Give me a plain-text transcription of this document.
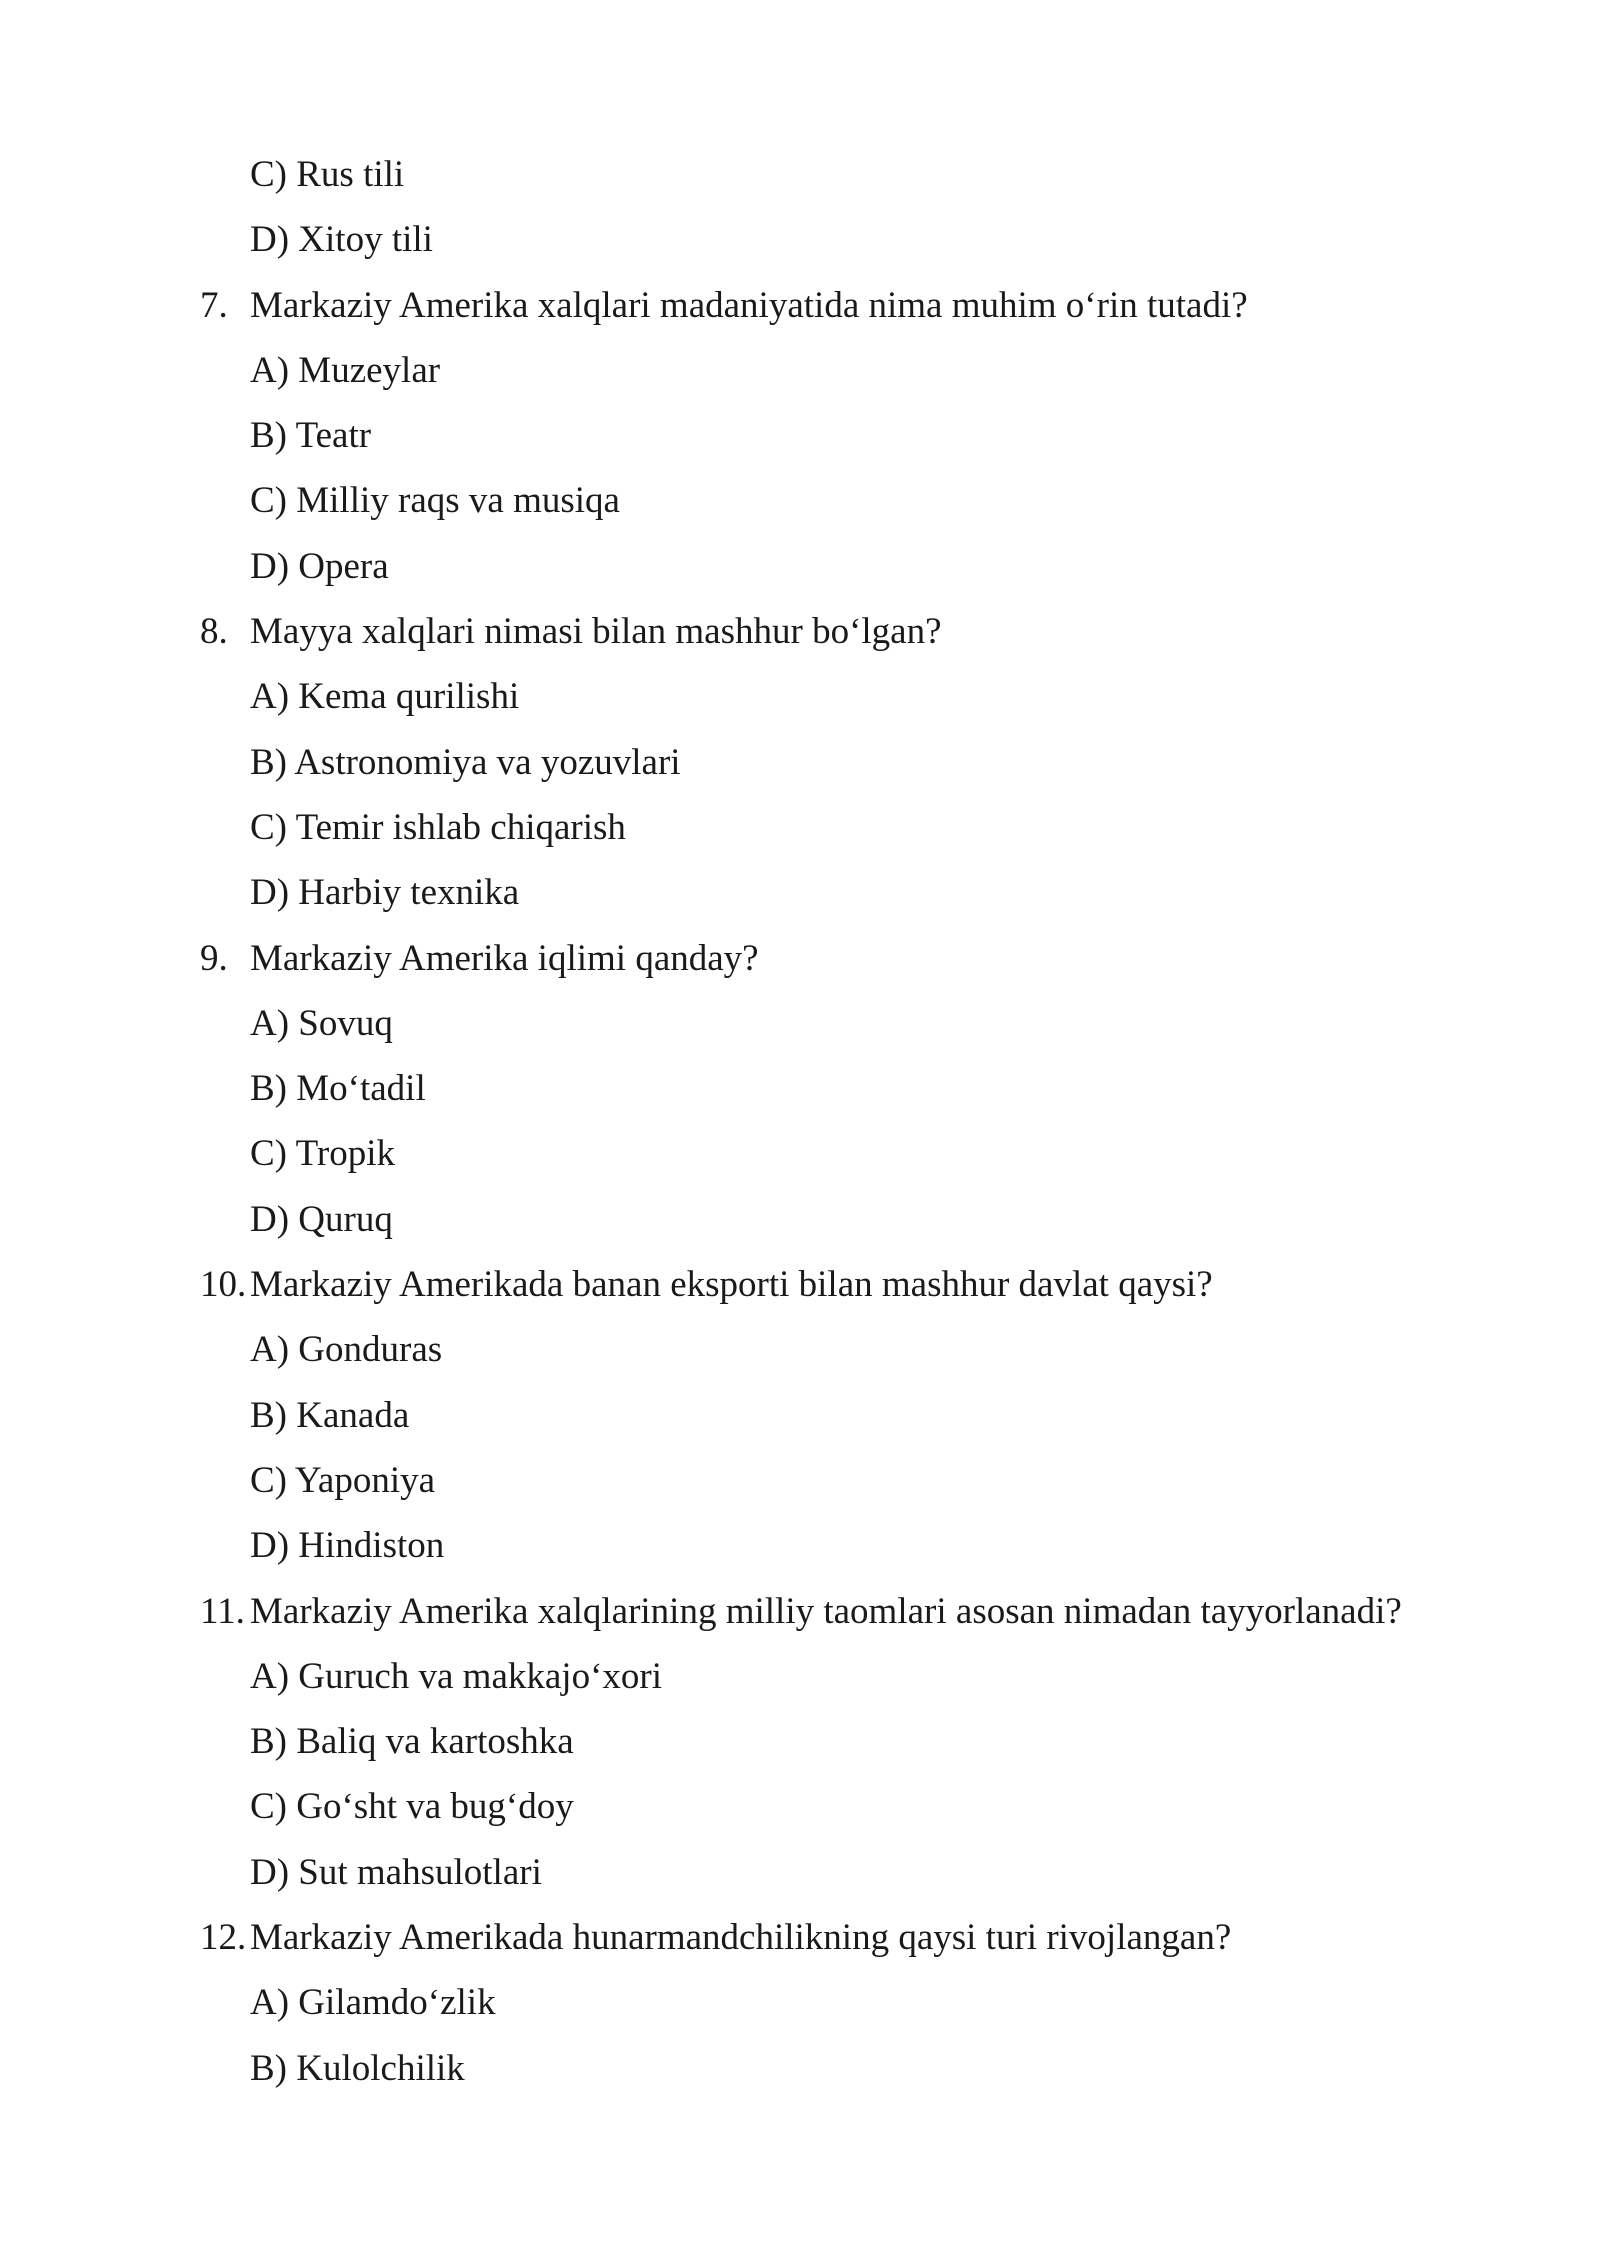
C) Rus tili
D) Xitoy tili
7. Markaziy Amerika xalqlari madaniyatida nima muhim o‘rin tutadi?
A) Muzeylar
B) Teatr
C) Milliy raqs va musiqa
D) Opera
8. Mayya xalqlari nimasi bilan mashhur bo‘lgan?
A) Kema qurilishi
B) Astronomiya va yozuvlari
C) Temir ishlab chiqarish
D) Harbiy texnika
9. Markaziy Amerika iqlimi qanday?
A) Sovuq
B) Mo‘tadil
C) Tropik
D) Quruq
10. Markaziy Amerikada banan eksporti bilan mashhur davlat qaysi?
A) Gonduras
B) Kanada
C) Yaponiya
D) Hindiston
11. Markaziy Amerika xalqlarining milliy taomlari asosan nimadan tayyorlanadi?
A) Guruch va makkajo‘xori
B) Baliq va kartoshka
C) Go‘sht va bug‘doy
D) Sut mahsulotlari
12. Markaziy Amerikada hunarmandchilikning qaysi turi rivojlangan?
A) Gilamdo‘zlik
B) Kulolchilik
